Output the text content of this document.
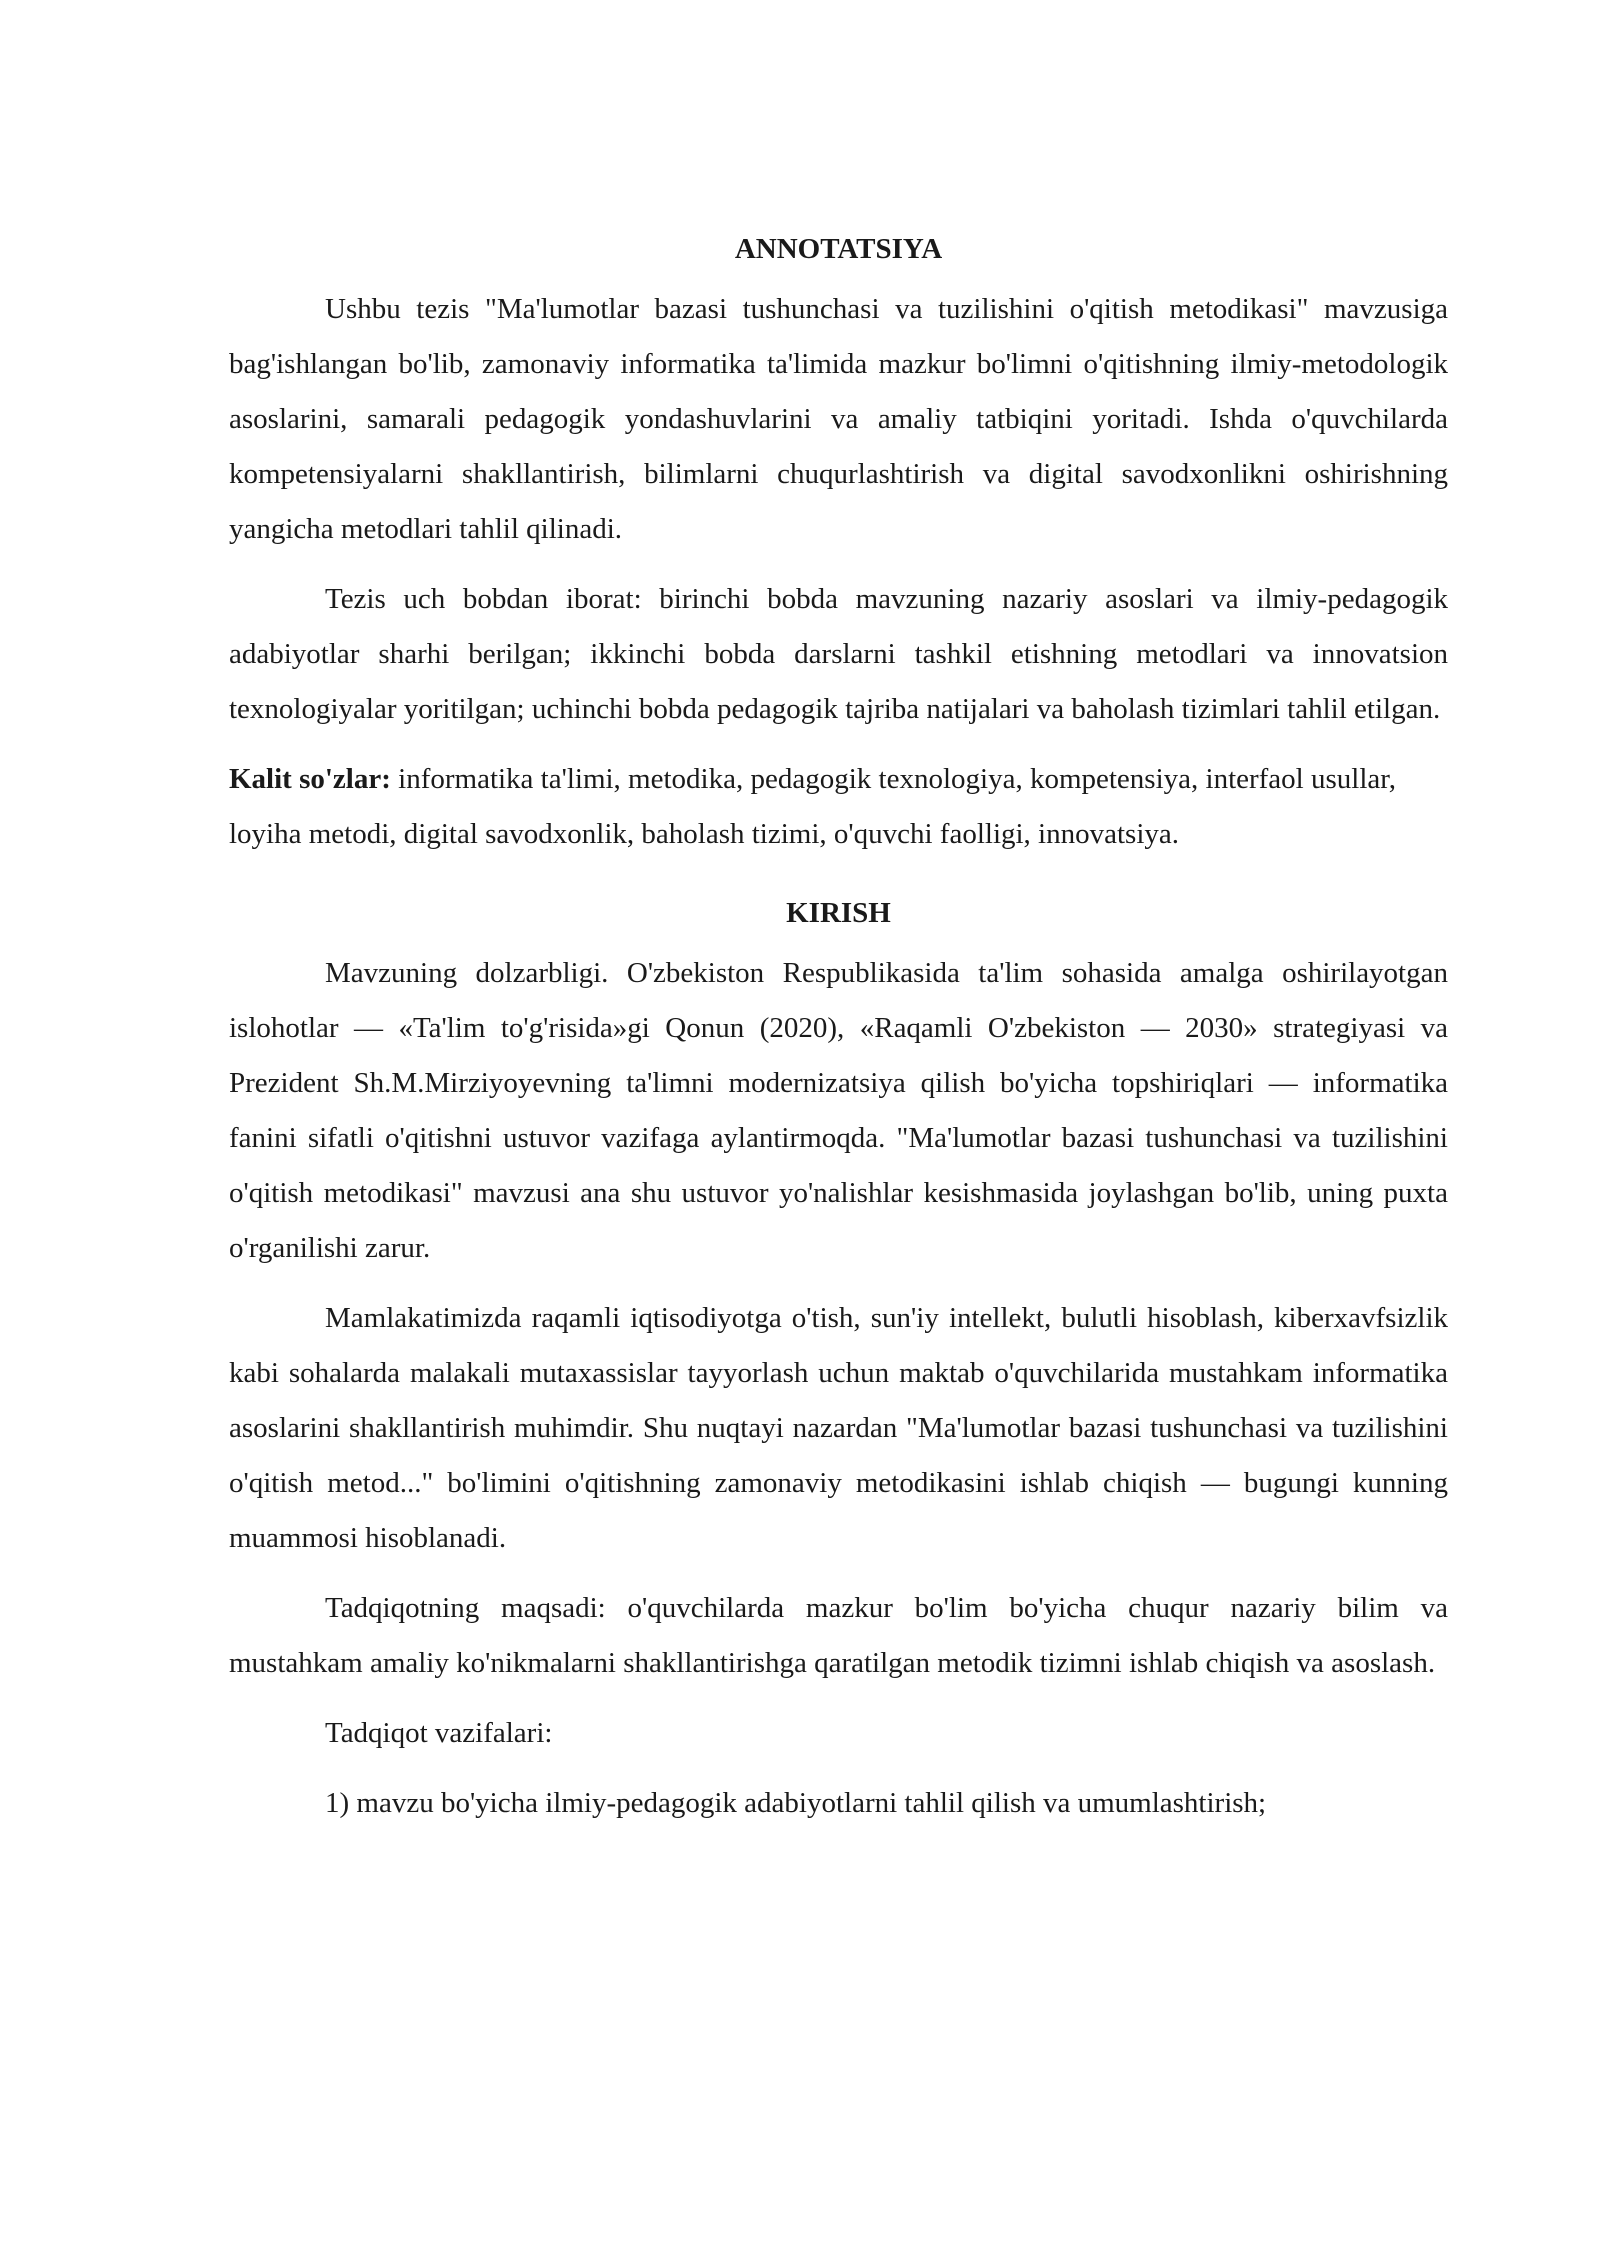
ANNOTATSIYA

Ushbu tezis "Ma'lumotlar bazasi tushunchasi va tuzilishini o'qitish metodikasi" mavzusiga bag'ishlangan bo'lib, zamonaviy informatika ta'limida mazkur bo'limni o'qitishning ilmiy-metodologik asoslarini, samarali pedagogik yondashuvlarini va amaliy tatbiqini yoritadi. Ishda o'quvchilarda kompetensiyalarni shakllantirish, bilimlarni chuqurlashtirish va digital savodxonlikni oshirishning yangicha metodlari tahlil qilinadi.

Tezis uch bobdan iborat: birinchi bobda mavzuning nazariy asoslari va ilmiy-pedagogik adabiyotlar sharhi berilgan; ikkinchi bobda darslarni tashkil etishning metodlari va innovatsion texnologiyalar yoritilgan; uchinchi bobda pedagogik tajriba natijalari va baholash tizimlari tahlil etilgan.

Kalit so'zlar: informatika ta'limi, metodika, pedagogik texnologiya, kompetensiya, interfaol usullar, loyiha metodi, digital savodxonlik, baholash tizimi, o'quvchi faolligi, innovatsiya.

KIRISH

Mavzuning dolzarbligi. O'zbekiston Respublikasida ta'lim sohasida amalga oshirilayotgan islohotlar — «Ta'lim to'g'risida»gi Qonun (2020), «Raqamli O'zbekiston — 2030» strategiyasi va Prezident Sh.M.Mirziyoyevning ta'limni modernizatsiya qilish bo'yicha topshiriqlari — informatika fanini sifatli o'qitishni ustuvor vazifaga aylantirmoqda. "Ma'lumotlar bazasi tushunchasi va tuzilishini o'qitish metodikasi" mavzusi ana shu ustuvor yo'nalishlar kesishmasida joylashgan bo'lib, uning puxta o'rganilishi zarur.

Mamlakatimizda raqamli iqtisodiyotga o'tish, sun'iy intellekt, bulutli hisoblash, kiberxavfsizlik kabi sohalarda malakali mutaxassislar tayyorlash uchun maktab o'quvchilarida mustahkam informatika asoslarini shakllantirish muhimdir. Shu nuqtayi nazardan "Ma'lumotlar bazasi tushunchasi va tuzilishini o'qitish metod..." bo'limini o'qitishning zamonaviy metodikasini ishlab chiqish — bugungi kunning muammosi hisoblanadi.

Tadqiqotning maqsadi: o'quvchilarda mazkur bo'lim bo'yicha chuqur nazariy bilim va mustahkam amaliy ko'nikmalarni shakllantirishga qaratilgan metodik tizimni ishlab chiqish va asoslash.

Tadqiqot vazifalari:

1) mavzu bo'yicha ilmiy-pedagogik adabiyotlarni tahlil qilish va umumlashtirish;
